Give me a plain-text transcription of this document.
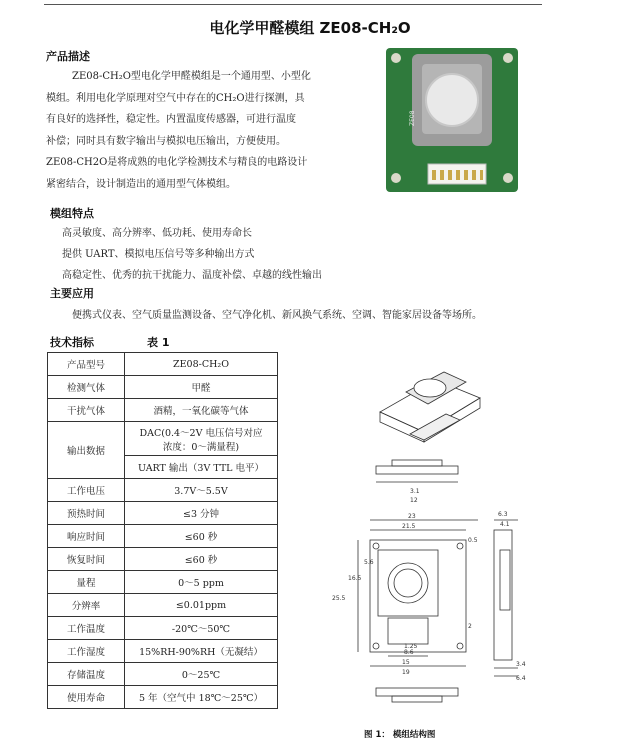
电化学甲醛模组 ZE08-CH₂O
产品描述
ZE08-CH₂O型电化学甲醛模组是一个通用型、小型化
模组。利用电化学原理对空气中存在的CH₂O进行探测，具
有良好的选择性，稳定性。内置温度传感器，可进行温度
补偿；同时具有数字输出与模拟电压输出，方便使用。
ZE08-CH2O是将成熟的电化学检测技术与精良的电路设计
紧密结合，设计制造出的通用型气体模组。
ZE08
模组特点
高灵敏度、高分辨率、低功耗、使用寿命长
提供 UART、模拟电压信号等多种输出方式
高稳定性、优秀的抗干扰能力、温度补偿、卓越的线性输出
主要应用
便携式仪表、空气质量监测设备、空气净化机、新风换气系统、空调、智能家居设备等场所。
技术指标	表 1
产品型号	ZE08-CH₂O
检测气体	甲醛
干扰气体	酒精，一氧化碳等气体
输出数据	DAC(0.4～2V 电压信号对应
浓度：0～满量程)

	UART 输出（3V TTL 电平）
工作电压	3.7V～5.5V
预热时间	≤3 分钟
响应时间	≤60 秒
恢复时间	≤60 秒
量程	0～5 ppm
分辨率	≤0.01ppm
工作温度	-20℃～50℃
工作湿度	15%RH-90%RH（无凝结）
存储温度	0～25℃
使用寿命	5 年（空气中 18℃～25℃）
23
21.5
15
16.5
25.5
19
3.1
12
5.6
8.6
6.3
4.1
3.4
6.4
0.5
2
1.25
图 1： 模组结构图
